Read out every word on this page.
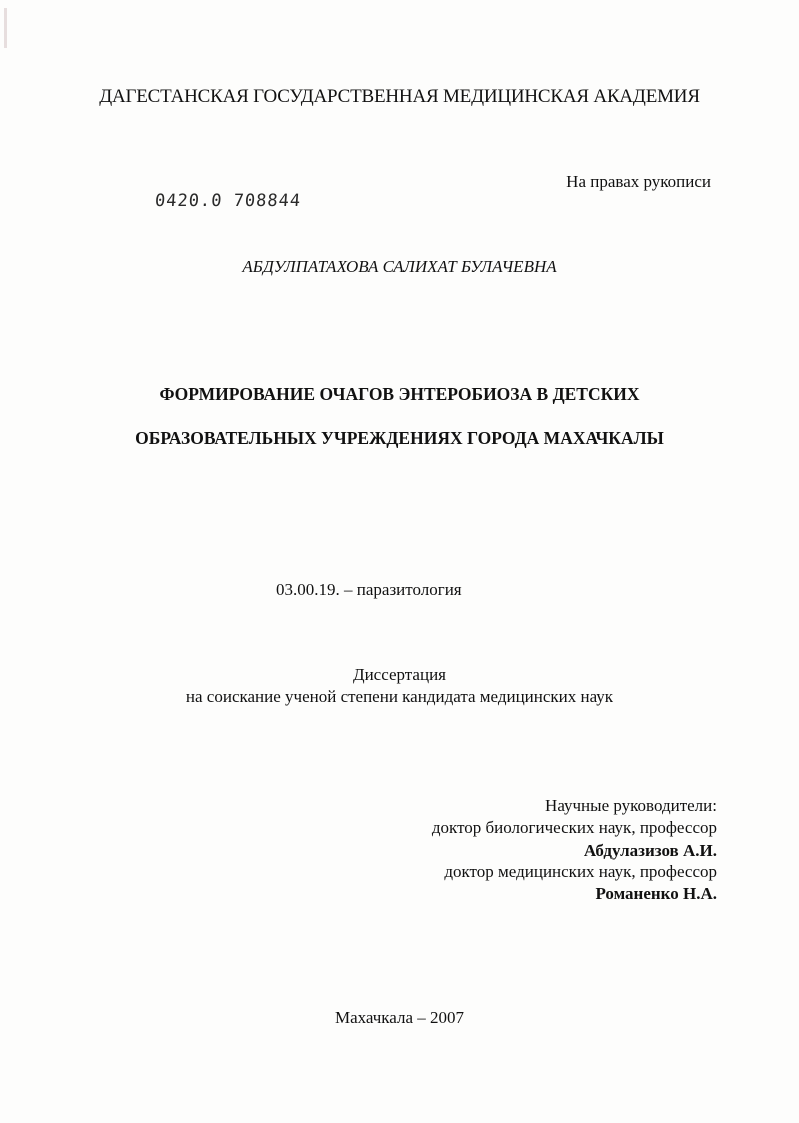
ДАГЕСТАНСКАЯ ГОСУДАРСТВЕННАЯ МЕДИЦИНСКАЯ АКАДЕМИЯ
На правах рукописи
0420.0 708844
АБДУЛПАТАХОВА САЛИХАТ БУЛАЧЕВНА
ФОРМИРОВАНИЕ ОЧАГОВ ЭНТЕРОБИОЗА В ДЕТСКИХ
ОБРАЗОВАТЕЛЬНЫХ УЧРЕЖДЕНИЯХ ГОРОДА МАХАЧКАЛЫ
03.00.19. – паразитология
Диссертация
на соискание ученой степени кандидата медицинских наук
Научные руководители:
доктор биологических наук, профессор
Абдулазизов А.И.
доктор медицинских наук, профессор
Романенко Н.А.
Махачкала – 2007
